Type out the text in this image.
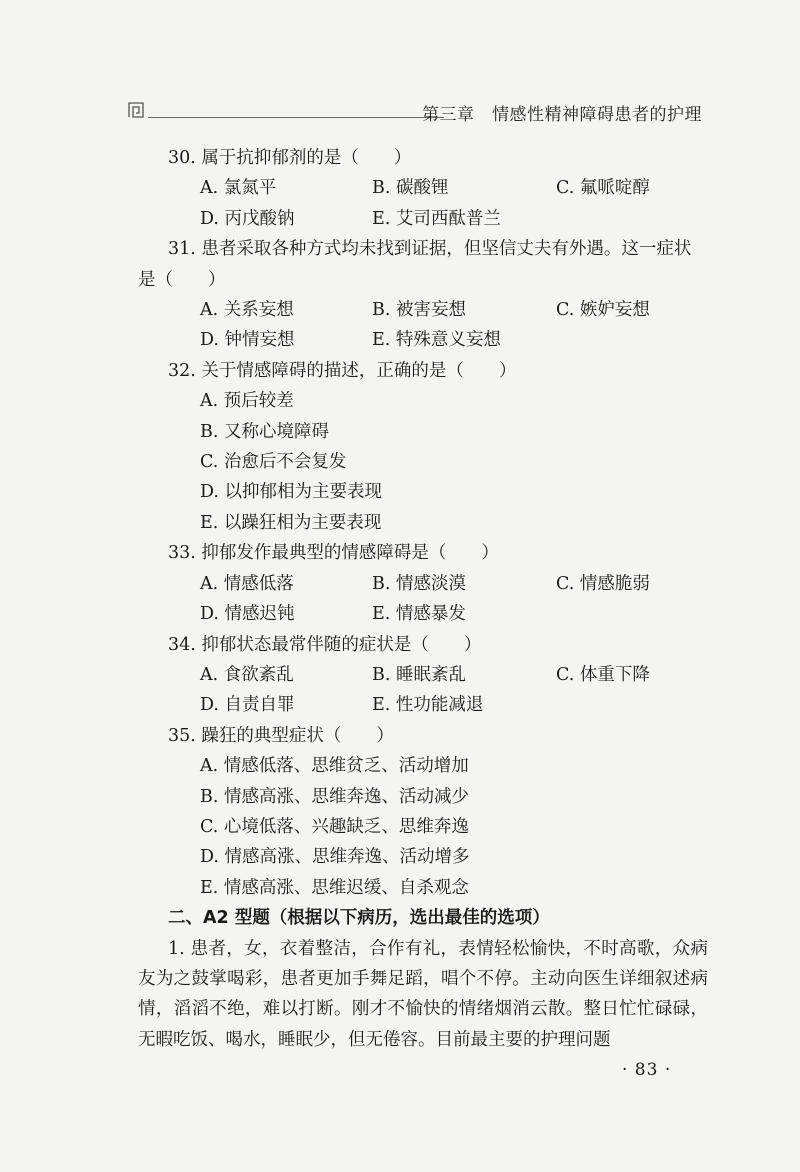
第三章　情感性精神障碍患者的护理
30. 属于抗抑郁剂的是（　　）
A. 氯氮平	B. 碳酸锂	C. 氟哌啶醇
D. 丙戊酸钠	E. 艾司西酞普兰

31. 患者采取各种方式均未找到证据，但坚信丈夫有外遇。这一症状是（　　）

A. 关系妄想	B. 被害妄想	C. 嫉妒妄想
D. 钟情妄想	E. 特殊意义妄想
32. 关于情感障碍的描述，正确的是（　　）
A. 预后较差
B. 又称心境障碍
C. 治愈后不会复发
D. 以抑郁相为主要表现
E. 以躁狂相为主要表现
33. 抑郁发作最典型的情感障碍是（　　）
A. 情感低落	B. 情感淡漠	C. 情感脆弱
D. 情感迟钝	E. 情感暴发
34. 抑郁状态最常伴随的症状是（　　）
A. 食欲紊乱	B. 睡眠紊乱	C. 体重下降
D. 自责自罪	E. 性功能减退
35. 躁狂的典型症状（　　）
A. 情感低落、思维贫乏、活动增加
B. 情感高涨、思维奔逸、活动减少
C. 心境低落、兴趣缺乏、思维奔逸
D. 情感高涨、思维奔逸、活动增多
E. 情感高涨、思维迟缓、自杀观念
二、A2 型题（根据以下病历，选出最佳的选项）

1. 患者，女，衣着整洁，合作有礼，表情轻松愉快，不时高歌，众病友为之鼓掌喝彩，患者更加手舞足蹈，唱个不停。主动向医生详细叙述病情，滔滔不绝，难以打断。刚才不愉快的情绪烟消云散。整日忙忙碌碌，无暇吃饭、喝水，睡眠少，但无倦容。目前最主要的护理问题

· 83 ·
